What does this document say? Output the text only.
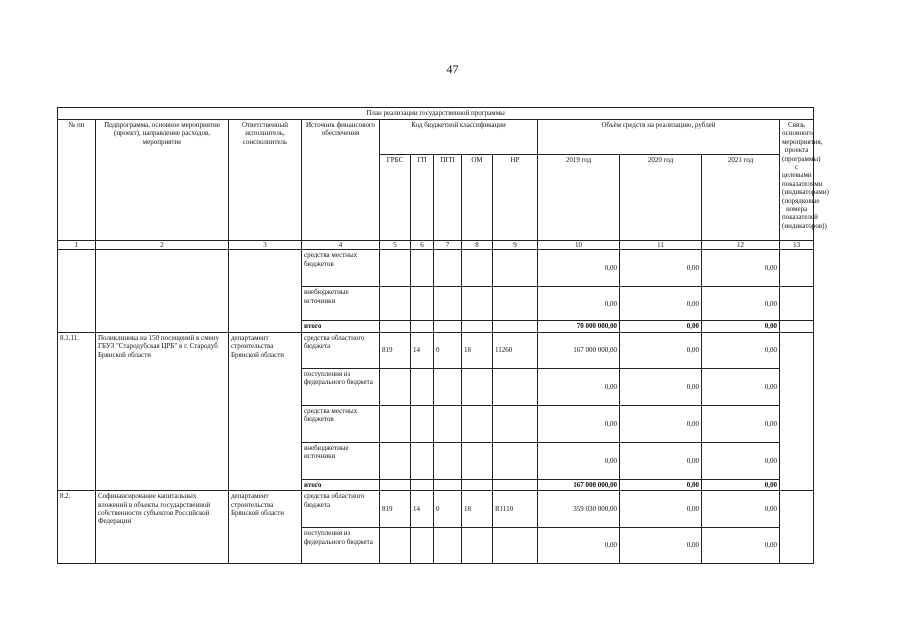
47
План реализации государственной программы												
№ пп	Подпрограмма, основное мероприятие (проект), направление расходов, мероприятие	Ответственный исполнитель, соисполнитель	Источник финансового обеспечения	Код бюджетной классификации					Объём средств на реализацию, рублей			Связь основного мероприятия, проекта (программы) с целевыми показателями (индикаторами) (порядковые номера показателей (индикаторов))
				ГРБС	ГП	ПГП	ОМ	НР	2019 год	2020 год	2021 год	
1	2	3	4	5	6	7	8	9	10	11	12	13
			средства местных бюджетов						0,00	0,00	0,00	
			внебюджетные источники						0,00	0,00	0,00	
			итого						70 000 000,00	0,00	0,00	
8.1.11.	Поликлиника на 150 посещений в смену ГБУЗ "Стародубская ЦРБ" в г. Стародуб Брянской области	департамент строительства Брянской области	средства областного бюджета	819	14	0	18	11260	167 000 000,00	0,00	0,00	
			поступления из федерального бюджета						0,00	0,00	0,00	
			средства местных бюджетов						0,00	0,00	0,00	
			внебюджетные источники						0,00	0,00	0,00	
			итого						167 000 000,00	0,00	0,00	
8.2.	Софинансирование капитальных вложений в объекты государственной собственности субъектов Российской Федерации	департамент строительства Брянской области	средства областного бюджета	819	14	0	18	R1110	359 030 000,00	0,00	0,00	
			поступления из федерального бюджета						0,00	0,00	0,00	
